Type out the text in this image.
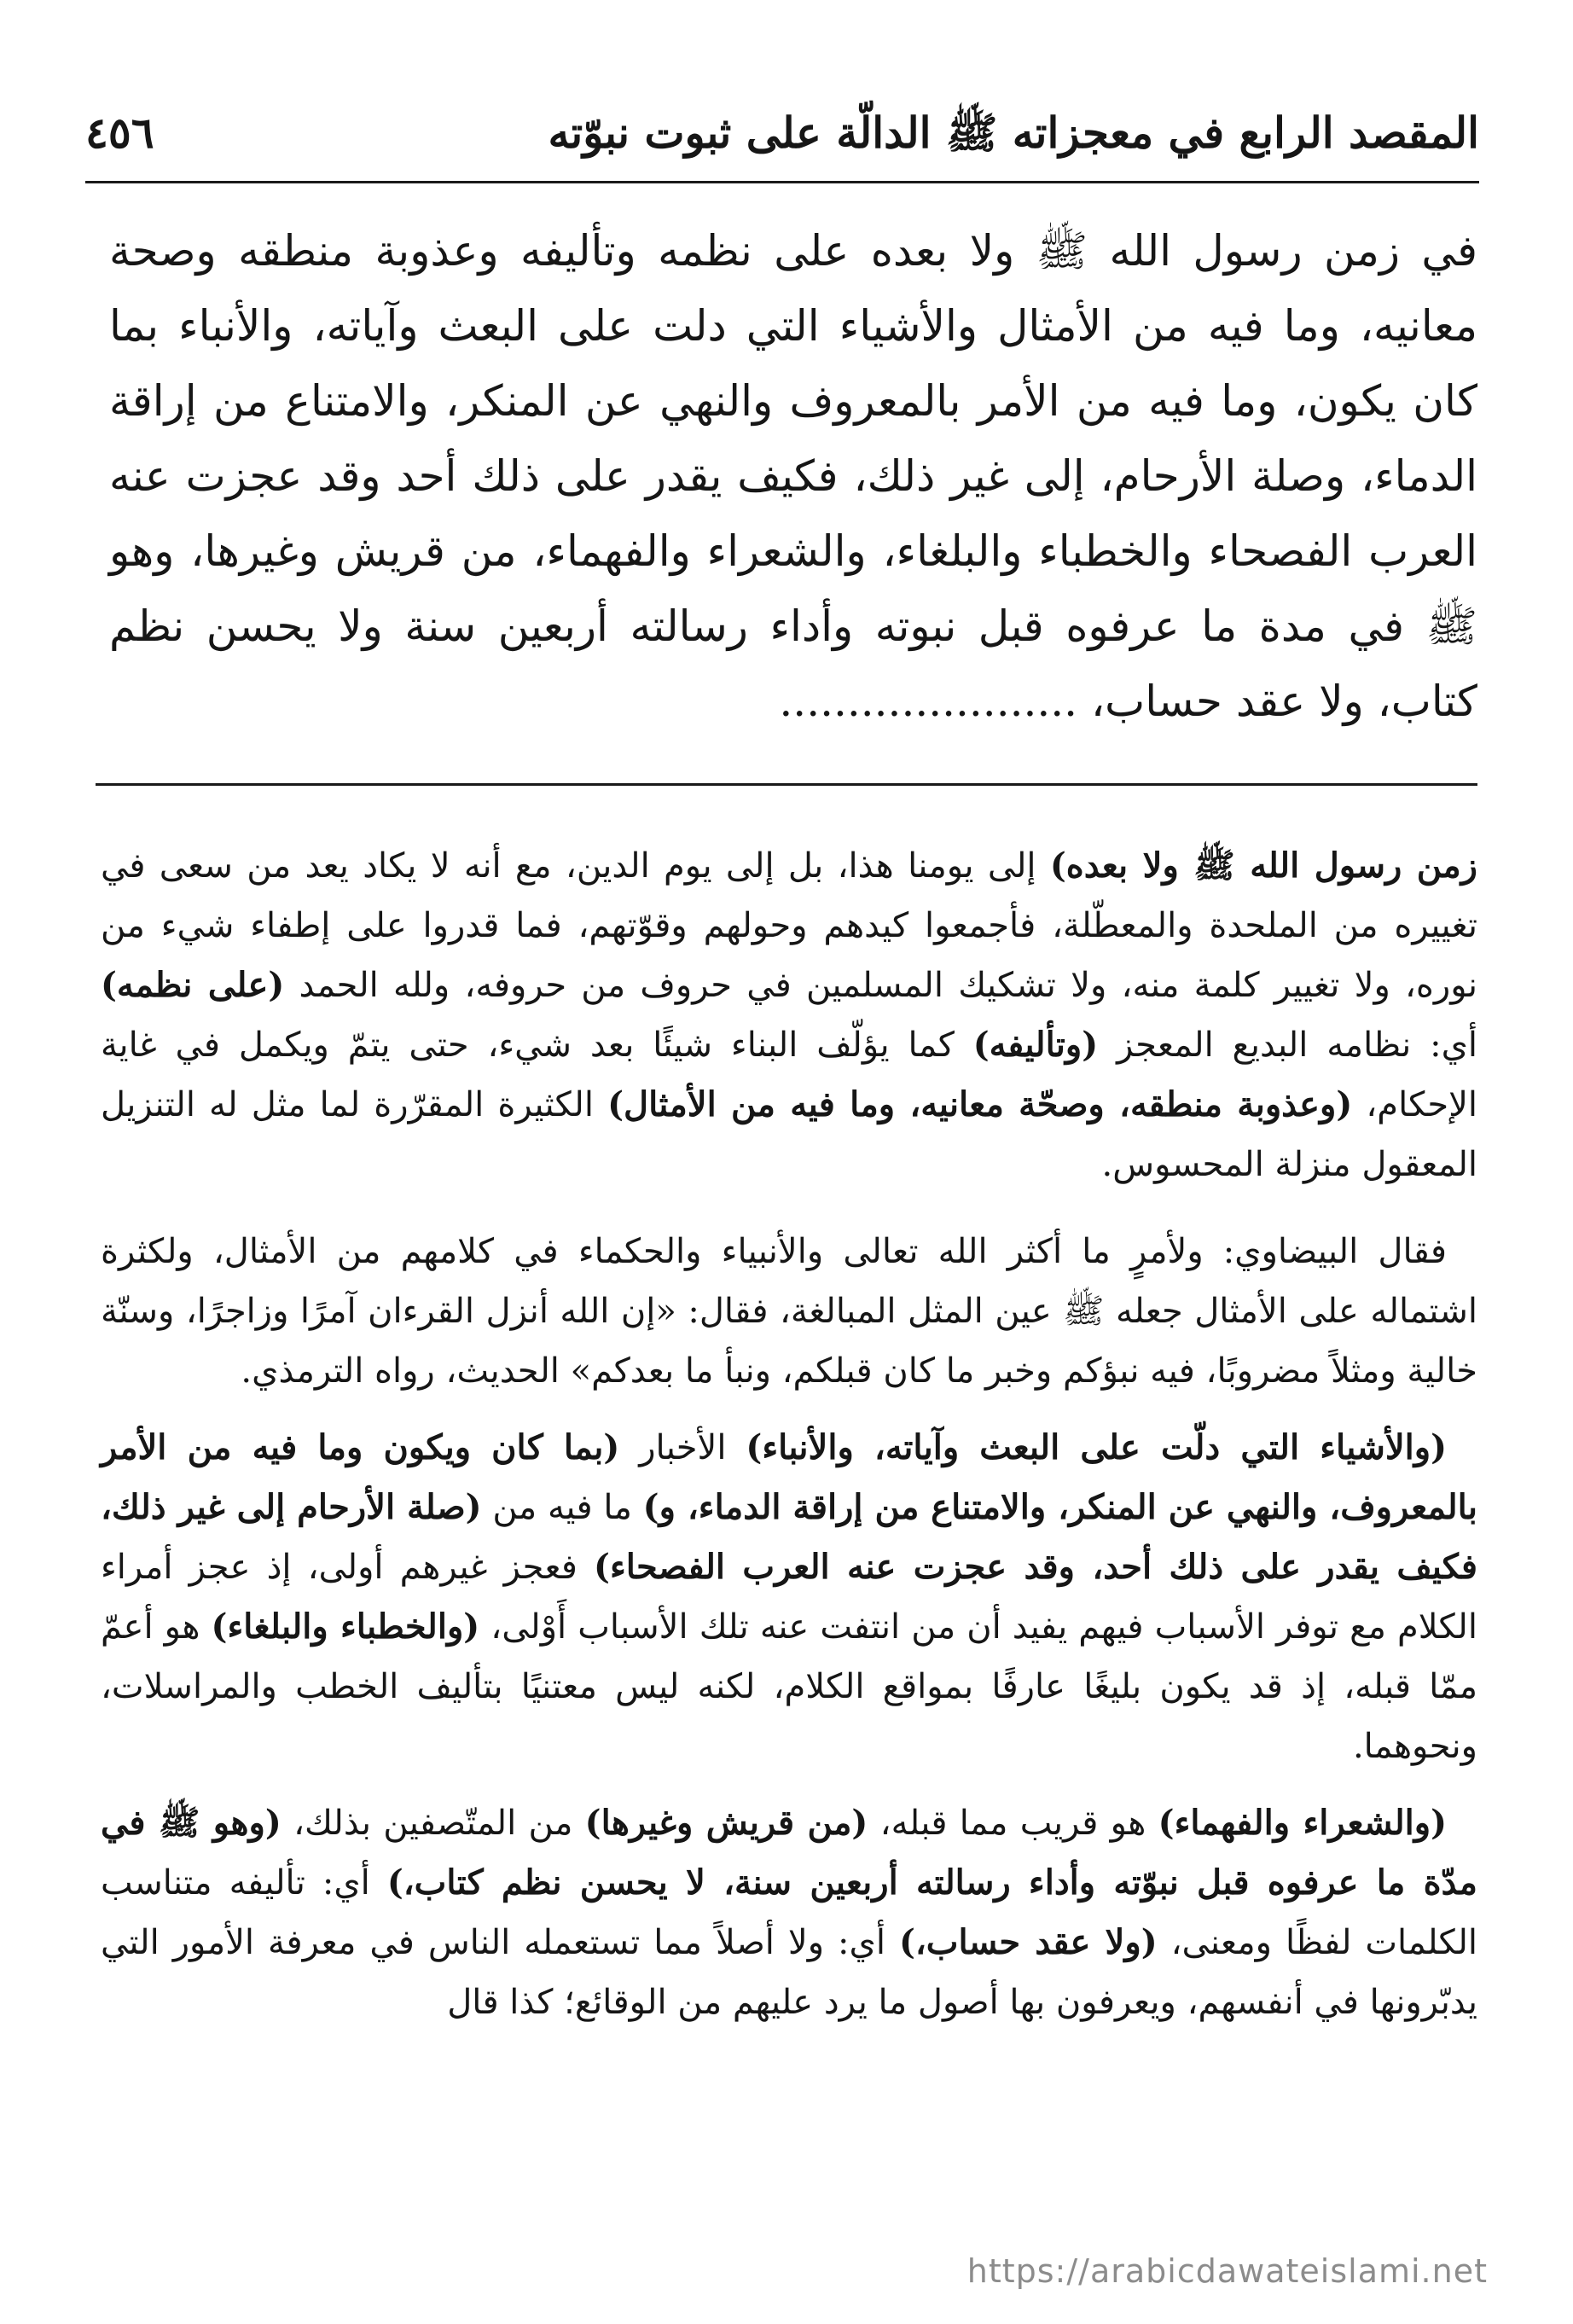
المقصد الرابع في معجزاته ﷺ الدالّة على ثبوت نبوّته
٤٥٦

في زمن رسول الله ﷺ ولا بعده على نظمه وتأليفه وعذوبة منطقه وصحة معانيه، وما فيه من الأمثال والأشياء التي دلت على البعث وآياته، والأنباء بما كان يكون، وما فيه من الأمر بالمعروف والنهي عن المنكر، والامتناع من إراقة الدماء، وصلة الأرحام، إلى غير ذلك، فكيف يقدر على ذلك أحد وقد عجزت عنه العرب الفصحاء والخطباء والبلغاء، والشعراء والفهماء، من قريش وغيرها، وهو ﷺ في مدة ما عرفوه قبل نبوته وأداء رسالته أربعين سنة ولا يحسن نظم كتاب، ولا عقد حساب، ......................

زمن رسول الله ﷺ ولا بعده) إلى يومنا هذا، بل إلى يوم الدين، مع أنه لا يكاد يعد من سعى في تغييره من الملحدة والمعطّلة، فأجمعوا كيدهم وحولهم وقوّتهم، فما قدروا على إطفاء شيء من نوره، ولا تغيير كلمة منه، ولا تشكيك المسلمين في حروف من حروفه، ولله الحمد (على نظمه) أي: نظامه البديع المعجز (وتأليفه) كما يؤلّف البناء شيئًا بعد شيء، حتى يتمّ ويكمل في غاية الإحكام، (وعذوبة منطقه، وصحّة معانيه، وما فيه من الأمثال) الكثيرة المقرّرة لما مثل له التنزيل المعقول منزلة المحسوس.

فقال البيضاوي: ولأمرٍ ما أكثر الله تعالى والأنبياء والحكماء في كلامهم من الأمثال، ولكثرة اشتماله على الأمثال جعله ﷺ عين المثل المبالغة، فقال: «إن الله أنزل القرءان آمرًا وزاجرًا، وسنّة خالية ومثلاً مضروبًا، فيه نبؤكم وخبر ما كان قبلكم، ونبأ ما بعدكم» الحديث، رواه الترمذي.

(والأشياء التي دلّت على البعث وآياته، والأنباء) الأخبار (بما كان ويكون وما فيه من الأمر بالمعروف، والنهي عن المنكر، والامتناع من إراقة الدماء، و) ما فيه من (صلة الأرحام إلى غير ذلك، فكيف يقدر على ذلك أحد، وقد عجزت عنه العرب الفصحاء) فعجز غيرهم أولى، إذ عجز أمراء الكلام مع توفر الأسباب فيهم يفيد أن من انتفت عنه تلك الأسباب أَوْلى، (والخطباء والبلغاء) هو أعمّ ممّا قبله، إذ قد يكون بليغًا عارفًا بمواقع الكلام، لكنه ليس معتنيًا بتأليف الخطب والمراسلات، ونحوهما.

(والشعراء والفهماء) هو قريب مما قبله، (من قريش وغيرها) من المتّصفين بذلك، (وهو ﷺ في مدّة ما عرفوه قبل نبوّته وأداء رسالته أربعين سنة، لا يحسن نظم كتاب،) أي: تأليفه متناسب الكلمات لفظًا ومعنى، (ولا عقد حساب،) أي: ولا أصلاً مما تستعمله الناس في معرفة الأمور التي يدبّرونها في أنفسهم، ويعرفون بها أصول ما يرد عليهم من الوقائع؛ كذا قال

https://arabicdawateislami.net
